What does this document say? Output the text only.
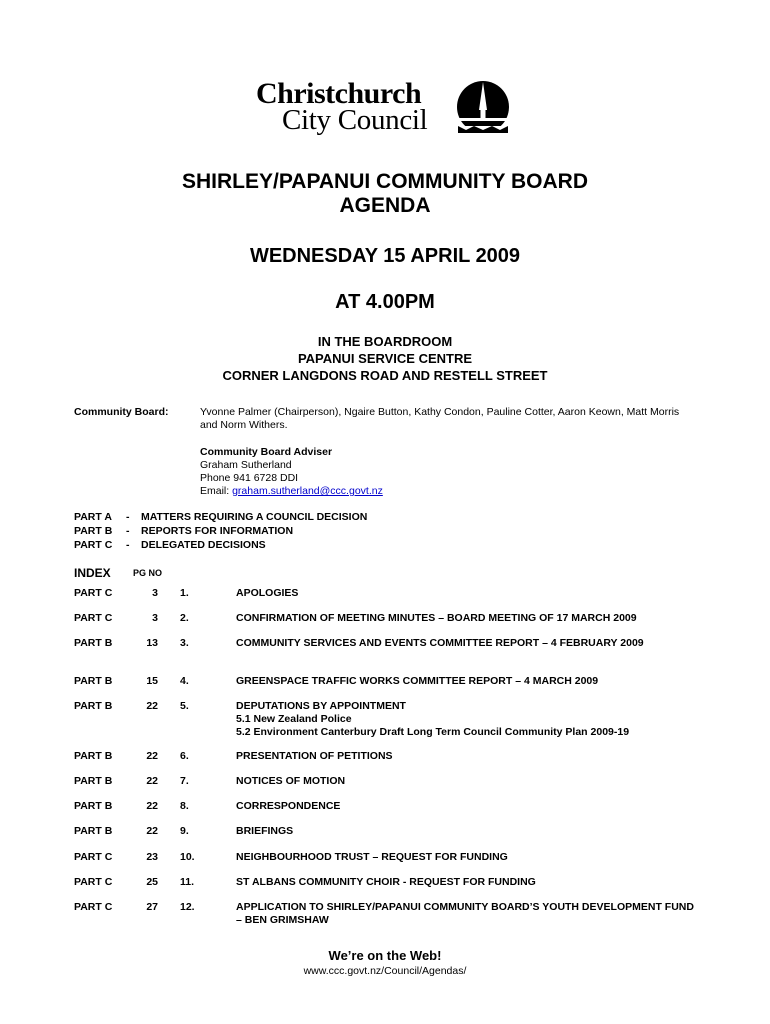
Christchurch
City Council
SHIRLEY/PAPANUI COMMUNITY BOARD
AGENDA
WEDNESDAY 15 APRIL 2009
AT 4.00PM
IN THE BOARDROOM
PAPANUI SERVICE CENTRE
CORNER LANGDONS ROAD AND RESTELL STREET
Community Board:	Yvonne Palmer (Chairperson), Ngaire Button, Kathy Condon, Pauline Cotter, Aaron Keown, Matt Morris and Norm Withers.
Community Board Adviser
Graham Sutherland
Phone 941 6728 DDI
Email: graham.sutherland@ccc.govt.nz
PART A - MATTERS REQUIRING A COUNCIL DECISION
PART B - REPORTS FOR INFORMATION
PART C - DELEGATED DECISIONS
INDEX PG NO
PART C	3 1.	APOLOGIES
PART C	3 2.	CONFIRMATION OF MEETING MINUTES – BOARD MEETING OF 17 MARCH 2009
PART B	13 3.	COMMUNITY SERVICES AND EVENTS COMMITTEE REPORT – 4 FEBRUARY 2009
PART B	15 4.	GREENSPACE TRAFFIC WORKS COMMITTEE REPORT – 4 MARCH 2009
PART B	22 5.	DEPUTATIONS BY APPOINTMENT
5.1 New Zealand Police
5.2 Environment Canterbury Draft Long Term Council Community Plan 2009-19
PART B	22 6.	PRESENTATION OF PETITIONS
PART B	22 7.	NOTICES OF MOTION
PART B	22 8.	CORRESPONDENCE
PART B	22 9.	BRIEFINGS
PART C	23 10.	NEIGHBOURHOOD TRUST – REQUEST FOR FUNDING
PART C	25 11.	ST ALBANS COMMUNITY CHOIR - REQUEST FOR FUNDING
PART C	27 12.	APPLICATION TO SHIRLEY/PAPANUI COMMUNITY BOARD’S YOUTH DEVELOPMENT FUND – BEN GRIMSHAW
We’re on the Web!
www.ccc.govt.nz/Council/Agendas/
